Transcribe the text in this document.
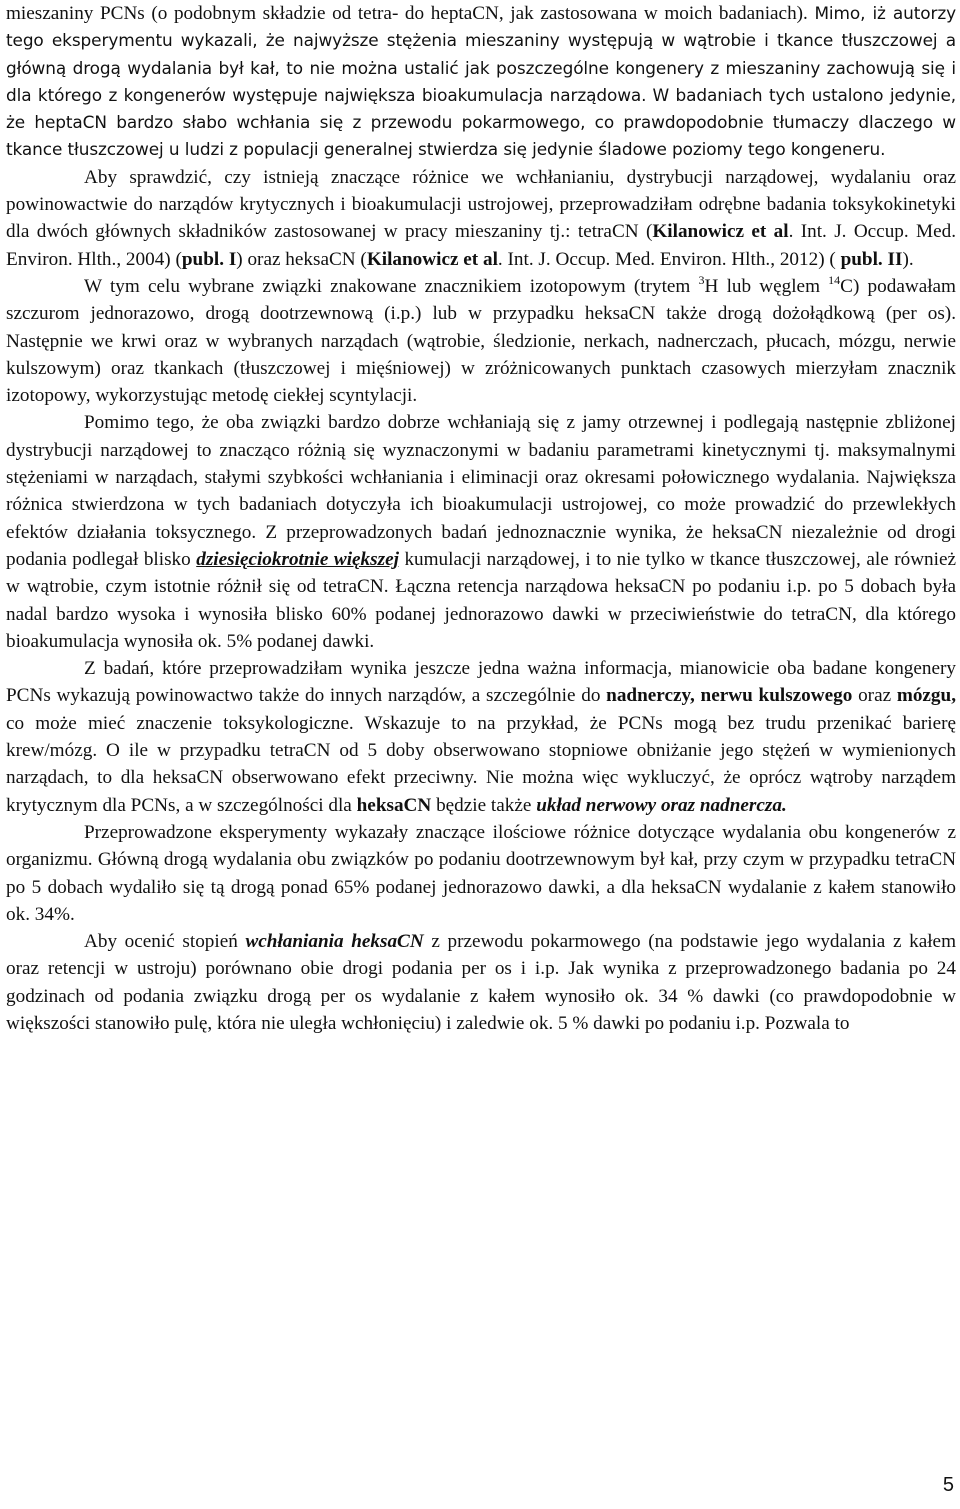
mieszaniny PCNs (o podobnym składzie od tetra- do heptaCN, jak zastosowana w moich badaniach). Mimo, iż autorzy tego eksperymentu wykazali, że najwyższe stężenia mieszaniny występują w wątrobie i tkance tłuszczowej a główną drogą wydalania był kał, to nie można ustalić jak poszczególne kongenery z mieszaniny zachowują się i dla którego z kongenerów występuje największa bioakumulacja narządowa. W badaniach tych ustalono jedynie, że heptaCN bardzo słabo wchłania się z przewodu pokarmowego, co prawdopodobnie tłumaczy dlaczego w tkance tłuszczowej u ludzi z populacji generalnej stwierdza się jedynie śladowe poziomy tego kongeneru.

Aby sprawdzić, czy istnieją znaczące różnice we wchłanianiu, dystrybucji narządowej, wydalaniu oraz powinowactwie do narządów krytycznych i bioakumulacji ustrojowej, przeprowadziłam odrębne badania toksykokinetyki dla dwóch głównych składników zastosowanej w pracy mieszaniny tj.: tetraCN (Kilanowicz et al. Int. J. Occup. Med. Environ. Hlth., 2004) (publ. I) oraz heksaCN (Kilanowicz et al. Int. J. Occup. Med. Environ. Hlth., 2012) ( publ. II).

W tym celu wybrane związki znakowane znacznikiem izotopowym (trytem $^3$H lub węglem $^{14}$C) podawałam szczurom jednorazowo, drogą dootrzewnową (i.p.) lub w przypadku heksaCN także drogą dożołądkową (per os). Następnie we krwi oraz w wybranych narządach (wątrobie, śledzionie, nerkach, nadnerczach, płucach, mózgu, nerwie kulszowym) oraz tkankach (tłuszczowej i mięśniowej) w zróżnicowanych punktach czasowych mierzyłam znacznik izotopowy, wykorzystując metodę ciekłej scyntylacji.

Pomimo tego, że oba związki bardzo dobrze wchłaniają się z jamy otrzewnej i podlegają następnie zbliżonej dystrybucji narządowej to znacząco różnią się wyznaczonymi w badaniu parametrami kinetycznymi tj. maksymalnymi stężeniami w narządach, stałymi szybkości wchłaniania i eliminacji oraz okresami połowicznego wydalania. Największa różnica stwierdzona w tych badaniach dotyczyła ich bioakumulacji ustrojowej, co może prowadzić do przewlekłych efektów działania toksycznego. Z przeprowadzonych badań jednoznacznie wynika, że heksaCN niezależnie od drogi podania podlegał blisko dziesięciokrotnie większej kumulacji narządowej, i to nie tylko w tkance tłuszczowej, ale również w wątrobie, czym istotnie różnił się od tetraCN. Łączna retencja narządowa heksaCN po podaniu i.p. po 5 dobach była nadal bardzo wysoka i wynosiła blisko 60% podanej jednorazowo dawki w przeciwieństwie do tetraCN, dla którego bioakumulacja wynosiła ok. 5% podanej dawki.

Z badań, które przeprowadziłam wynika jeszcze jedna ważna informacja, mianowicie oba badane kongenery PCNs wykazują powinowactwo także do innych narządów, a szczególnie do nadnerczy, nerwu kulszowego oraz mózgu, co może mieć znaczenie toksykologiczne. Wskazuje to na przykład, że PCNs mogą bez trudu przenikać barierę krew/mózg. O ile w przypadku tetraCN od 5 doby obserwowano stopniowe obniżanie jego stężeń w wymienionych narządach, to dla heksaCN obserwowano efekt przeciwny. Nie można więc wykluczyć, że oprócz wątroby narządem krytycznym dla PCNs, a w szczególności dla heksaCN będzie także układ nerwowy oraz nadnercza.

Przeprowadzone eksperymenty wykazały znaczące ilościowe różnice dotyczące wydalania obu kongenerów z organizmu. Główną drogą wydalania obu związków po podaniu dootrzewnowym był kał, przy czym w przypadku tetraCN po 5 dobach wydaliło się tą drogą ponad 65% podanej jednorazowo dawki, a dla heksaCN wydalanie z kałem stanowiło ok. 34%.

Aby ocenić stopień wchłaniania heksaCN z przewodu pokarmowego (na podstawie jego wydalania z kałem oraz retencji w ustroju) porównano obie drogi podania per os i i.p. Jak wynika z przeprowadzonego badania po 24 godzinach od podania związku drogą per os wydalanie z kałem wynosiło ok. 34 % dawki (co prawdopodobnie w większości stanowiło pulę, która nie uległa wchłonięciu) i zaledwie ok. 5 % dawki po podaniu i.p. Pozwala to

5
